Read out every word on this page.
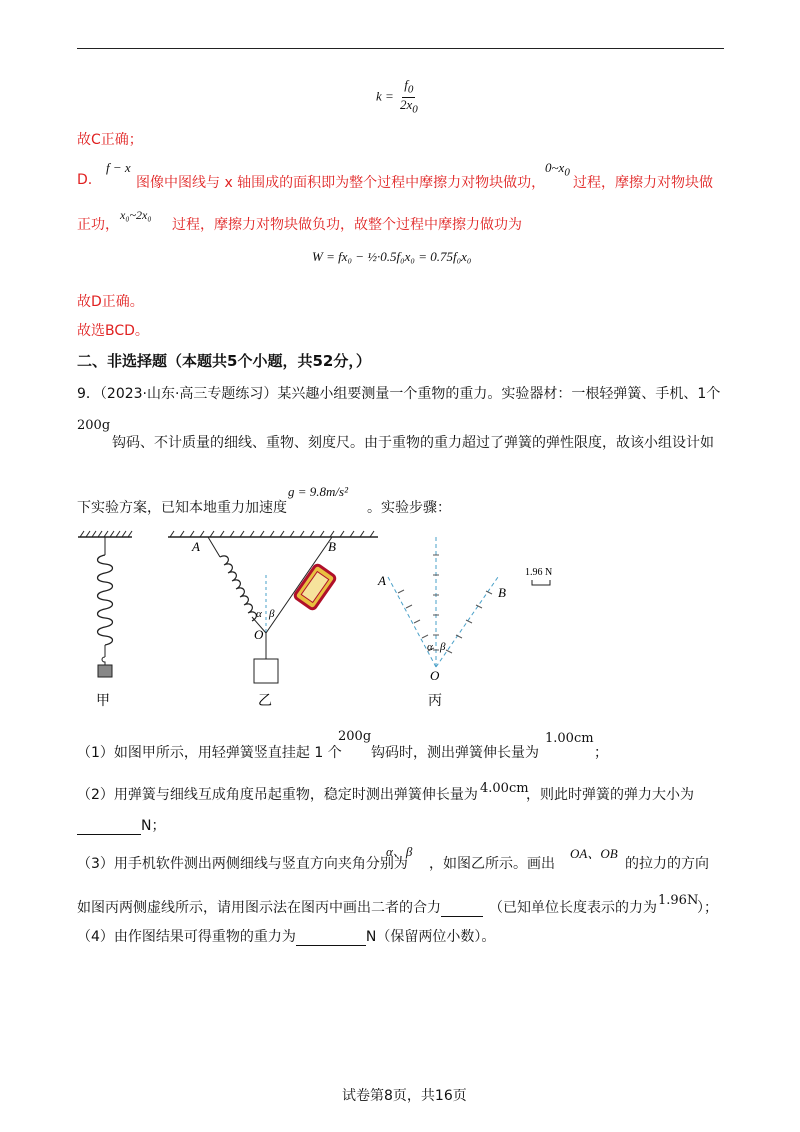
$k = \frac{f_0}{2x_0}$
故C正确；
D.
f − x
图像中图线与 x 轴围成的面积即为整个过程中摩擦力对物块做功，
$0\sim x_0$
过程，摩擦力对物块做
正功，
x₀~2x₀
过程，摩擦力对物块做负功，故整个过程中摩擦力做功为
W = fx₀ − ½·0.5f₀x₀ = 0.75f₀x₀
故D正确。
故选BCD。
二、非选择题（本题共5个小题，共52分，）
9．（2023·山东·高三专题练习）某兴趣小组要测量一个重物的重力。实验器材：一根轻弹簧、手机、1个
200g
钩码、不计质量的细线、重物、刻度尺。由于重物的重力超过了弹簧的弹性限度，故该小组设计如
下实验方案，已知本地重力加速度
g = 9.8m/s²
。实验步骤：
甲
A	B
O
α β
乙
A
B
O
α β
丙
1.96 N
（1）如图甲所示，用轻弹簧竖直挂起 1 个
200g
钩码时，测出弹簧伸长量为
1.00cm
；
（2）用弹簧与细线互成角度吊起重物，稳定时测出弹簧伸长量为 4.00cm
，则此时弹簧的弹力大小为
N；
（3）用手机软件测出两侧细线与竖直方向夹角分别为
α、β
，如图乙所示。画出
OA、OB
的拉力的方向
如图丙两侧虚线所示，请用图示法在图丙中画出二者的合力	（已知单位长度表示的力为 1.96N
）；
（4）由作图结果可得重物的重力为	N（保留两位小数）。
试卷第8页，共16页
